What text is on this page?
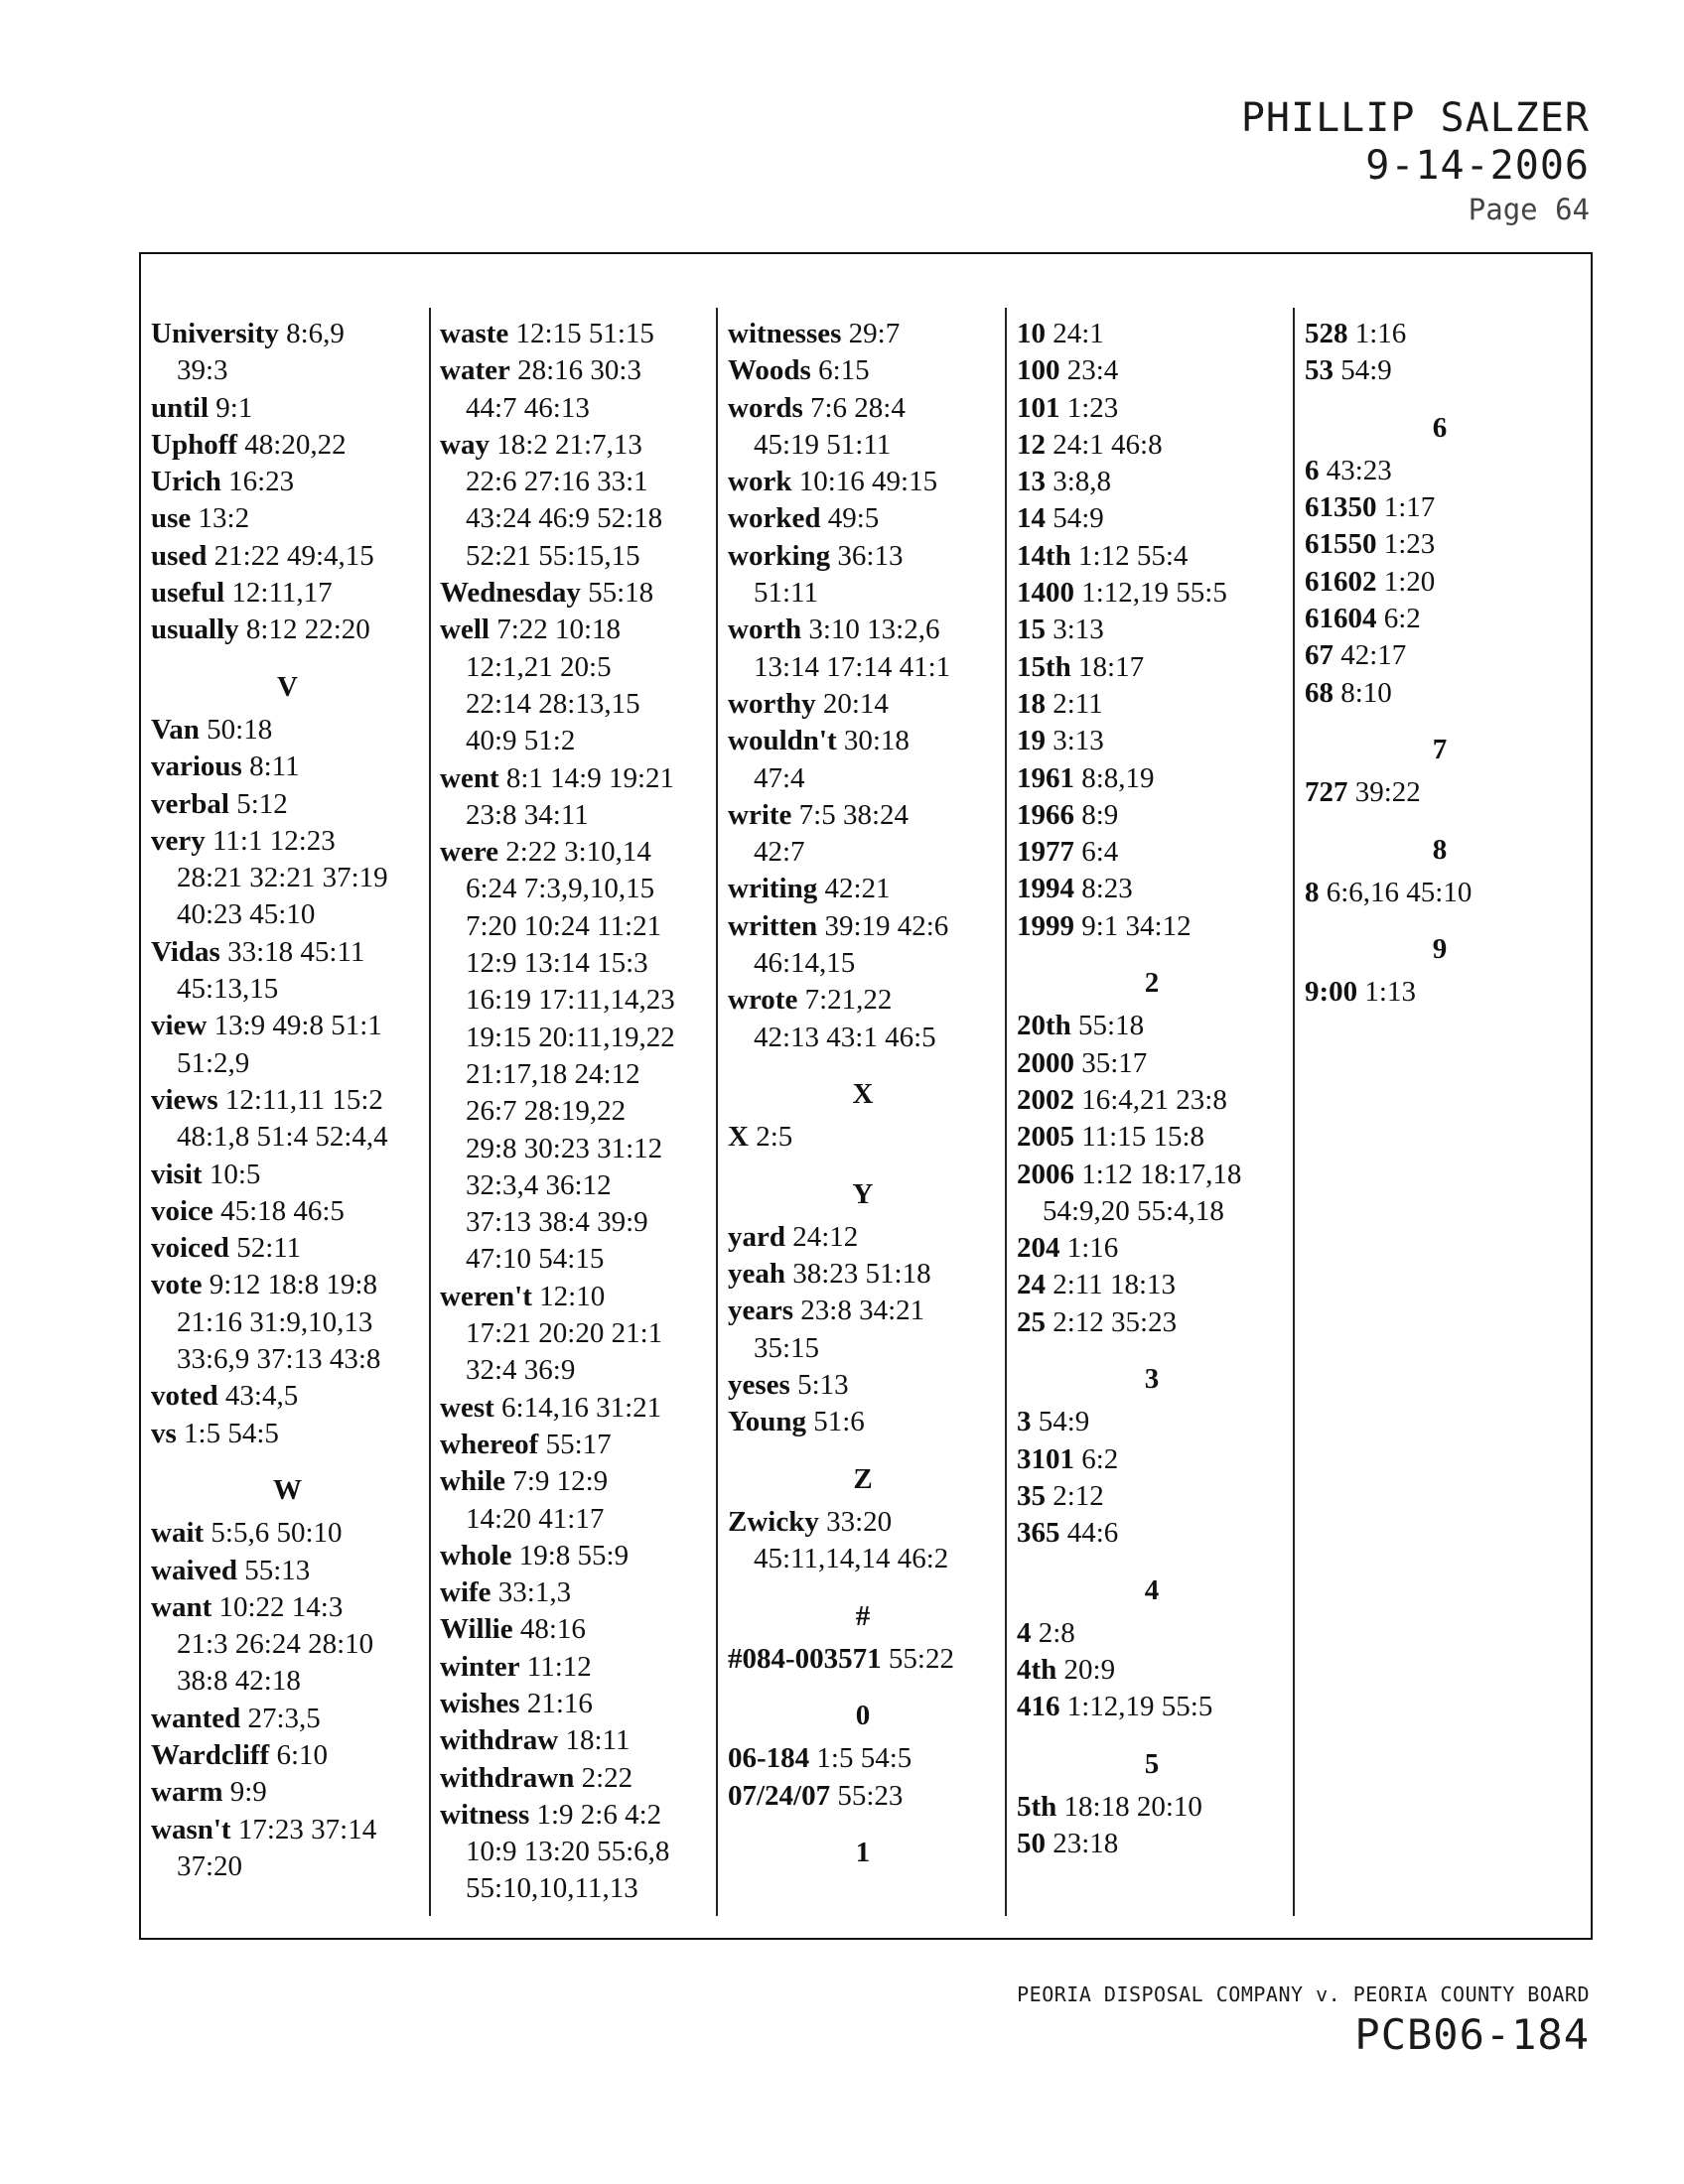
PHILLIP SALZER
9-14-2006
Page 64
University 8:6,9
39:3
until 9:1
Uphoff 48:20,22
Urich 16:23
use 13:2
used 21:22 49:4,15
useful 12:11,17
usually 8:12 22:20
V
Van 50:18
various 8:11
verbal 5:12
very 11:1 12:23
28:21 32:21 37:19
40:23 45:10
Vidas 33:18 45:11
45:13,15
view 13:9 49:8 51:1
51:2,9
views 12:11,11 15:2
48:1,8 51:4 52:4,4
visit 10:5
voice 45:18 46:5
voiced 52:11
vote 9:12 18:8 19:8
21:16 31:9,10,13
33:6,9 37:13 43:8
voted 43:4,5
vs 1:5 54:5
W
wait 5:5,6 50:10
waived 55:13
want 10:22 14:3
21:3 26:24 28:10
38:8 42:18
wanted 27:3,5
Wardcliff 6:10
warm 9:9
wasn't 17:23 37:14
37:20
waste 12:15 51:15
water 28:16 30:3
44:7 46:13
way 18:2 21:7,13
22:6 27:16 33:1
43:24 46:9 52:18
52:21 55:15,15
Wednesday 55:18
well 7:22 10:18
12:1,21 20:5
22:14 28:13,15
40:9 51:2
went 8:1 14:9 19:21
23:8 34:11
were 2:22 3:10,14
6:24 7:3,9,10,15
7:20 10:24 11:21
12:9 13:14 15:3
16:19 17:11,14,23
19:15 20:11,19,22
21:17,18 24:12
26:7 28:19,22
29:8 30:23 31:12
32:3,4 36:12
37:13 38:4 39:9
47:10 54:15
weren't 12:10
17:21 20:20 21:1
32:4 36:9
west 6:14,16 31:21
whereof 55:17
while 7:9 12:9
14:20 41:17
whole 19:8 55:9
wife 33:1,3
Willie 48:16
winter 11:12
wishes 21:16
withdraw 18:11
withdrawn 2:22
witness 1:9 2:6 4:2
10:9 13:20 55:6,8
55:10,10,11,13
witnesses 29:7
Woods 6:15
words 7:6 28:4
45:19 51:11
work 10:16 49:15
worked 49:5
working 36:13
51:11
worth 3:10 13:2,6
13:14 17:14 41:1
worthy 20:14
wouldn't 30:18
47:4
write 7:5 38:24
42:7
writing 42:21
written 39:19 42:6
46:14,15
wrote 7:21,22
42:13 43:1 46:5
X
X 2:5
Y
yard 24:12
yeah 38:23 51:18
years 23:8 34:21
35:15
yeses 5:13
Young 51:6
Z
Zwicky 33:20
45:11,14,14 46:2
#
#084-003571 55:22
0
06-184 1:5 54:5
07/24/07 55:23
1
10 24:1
100 23:4
101 1:23
12 24:1 46:8
13 3:8,8
14 54:9
14th 1:12 55:4
1400 1:12,19 55:5
15 3:13
15th 18:17
18 2:11
19 3:13
1961 8:8,19
1966 8:9
1977 6:4
1994 8:23
1999 9:1 34:12
2
20th 55:18
2000 35:17
2002 16:4,21 23:8
2005 11:15 15:8
2006 1:12 18:17,18
54:9,20 55:4,18
204 1:16
24 2:11 18:13
25 2:12 35:23
3
3 54:9
3101 6:2
35 2:12
365 44:6
4
4 2:8
4th 20:9
416 1:12,19 55:5
5
5th 18:18 20:10
50 23:18
528 1:16
53 54:9
6
6 43:23
61350 1:17
61550 1:23
61602 1:20
61604 6:2
67 42:17
68 8:10
7
727 39:22
8
8 6:6,16 45:10
9
9:00 1:13
PEORIA DISPOSAL COMPANY v. PEORIA COUNTY BOARD
PCB06-184
